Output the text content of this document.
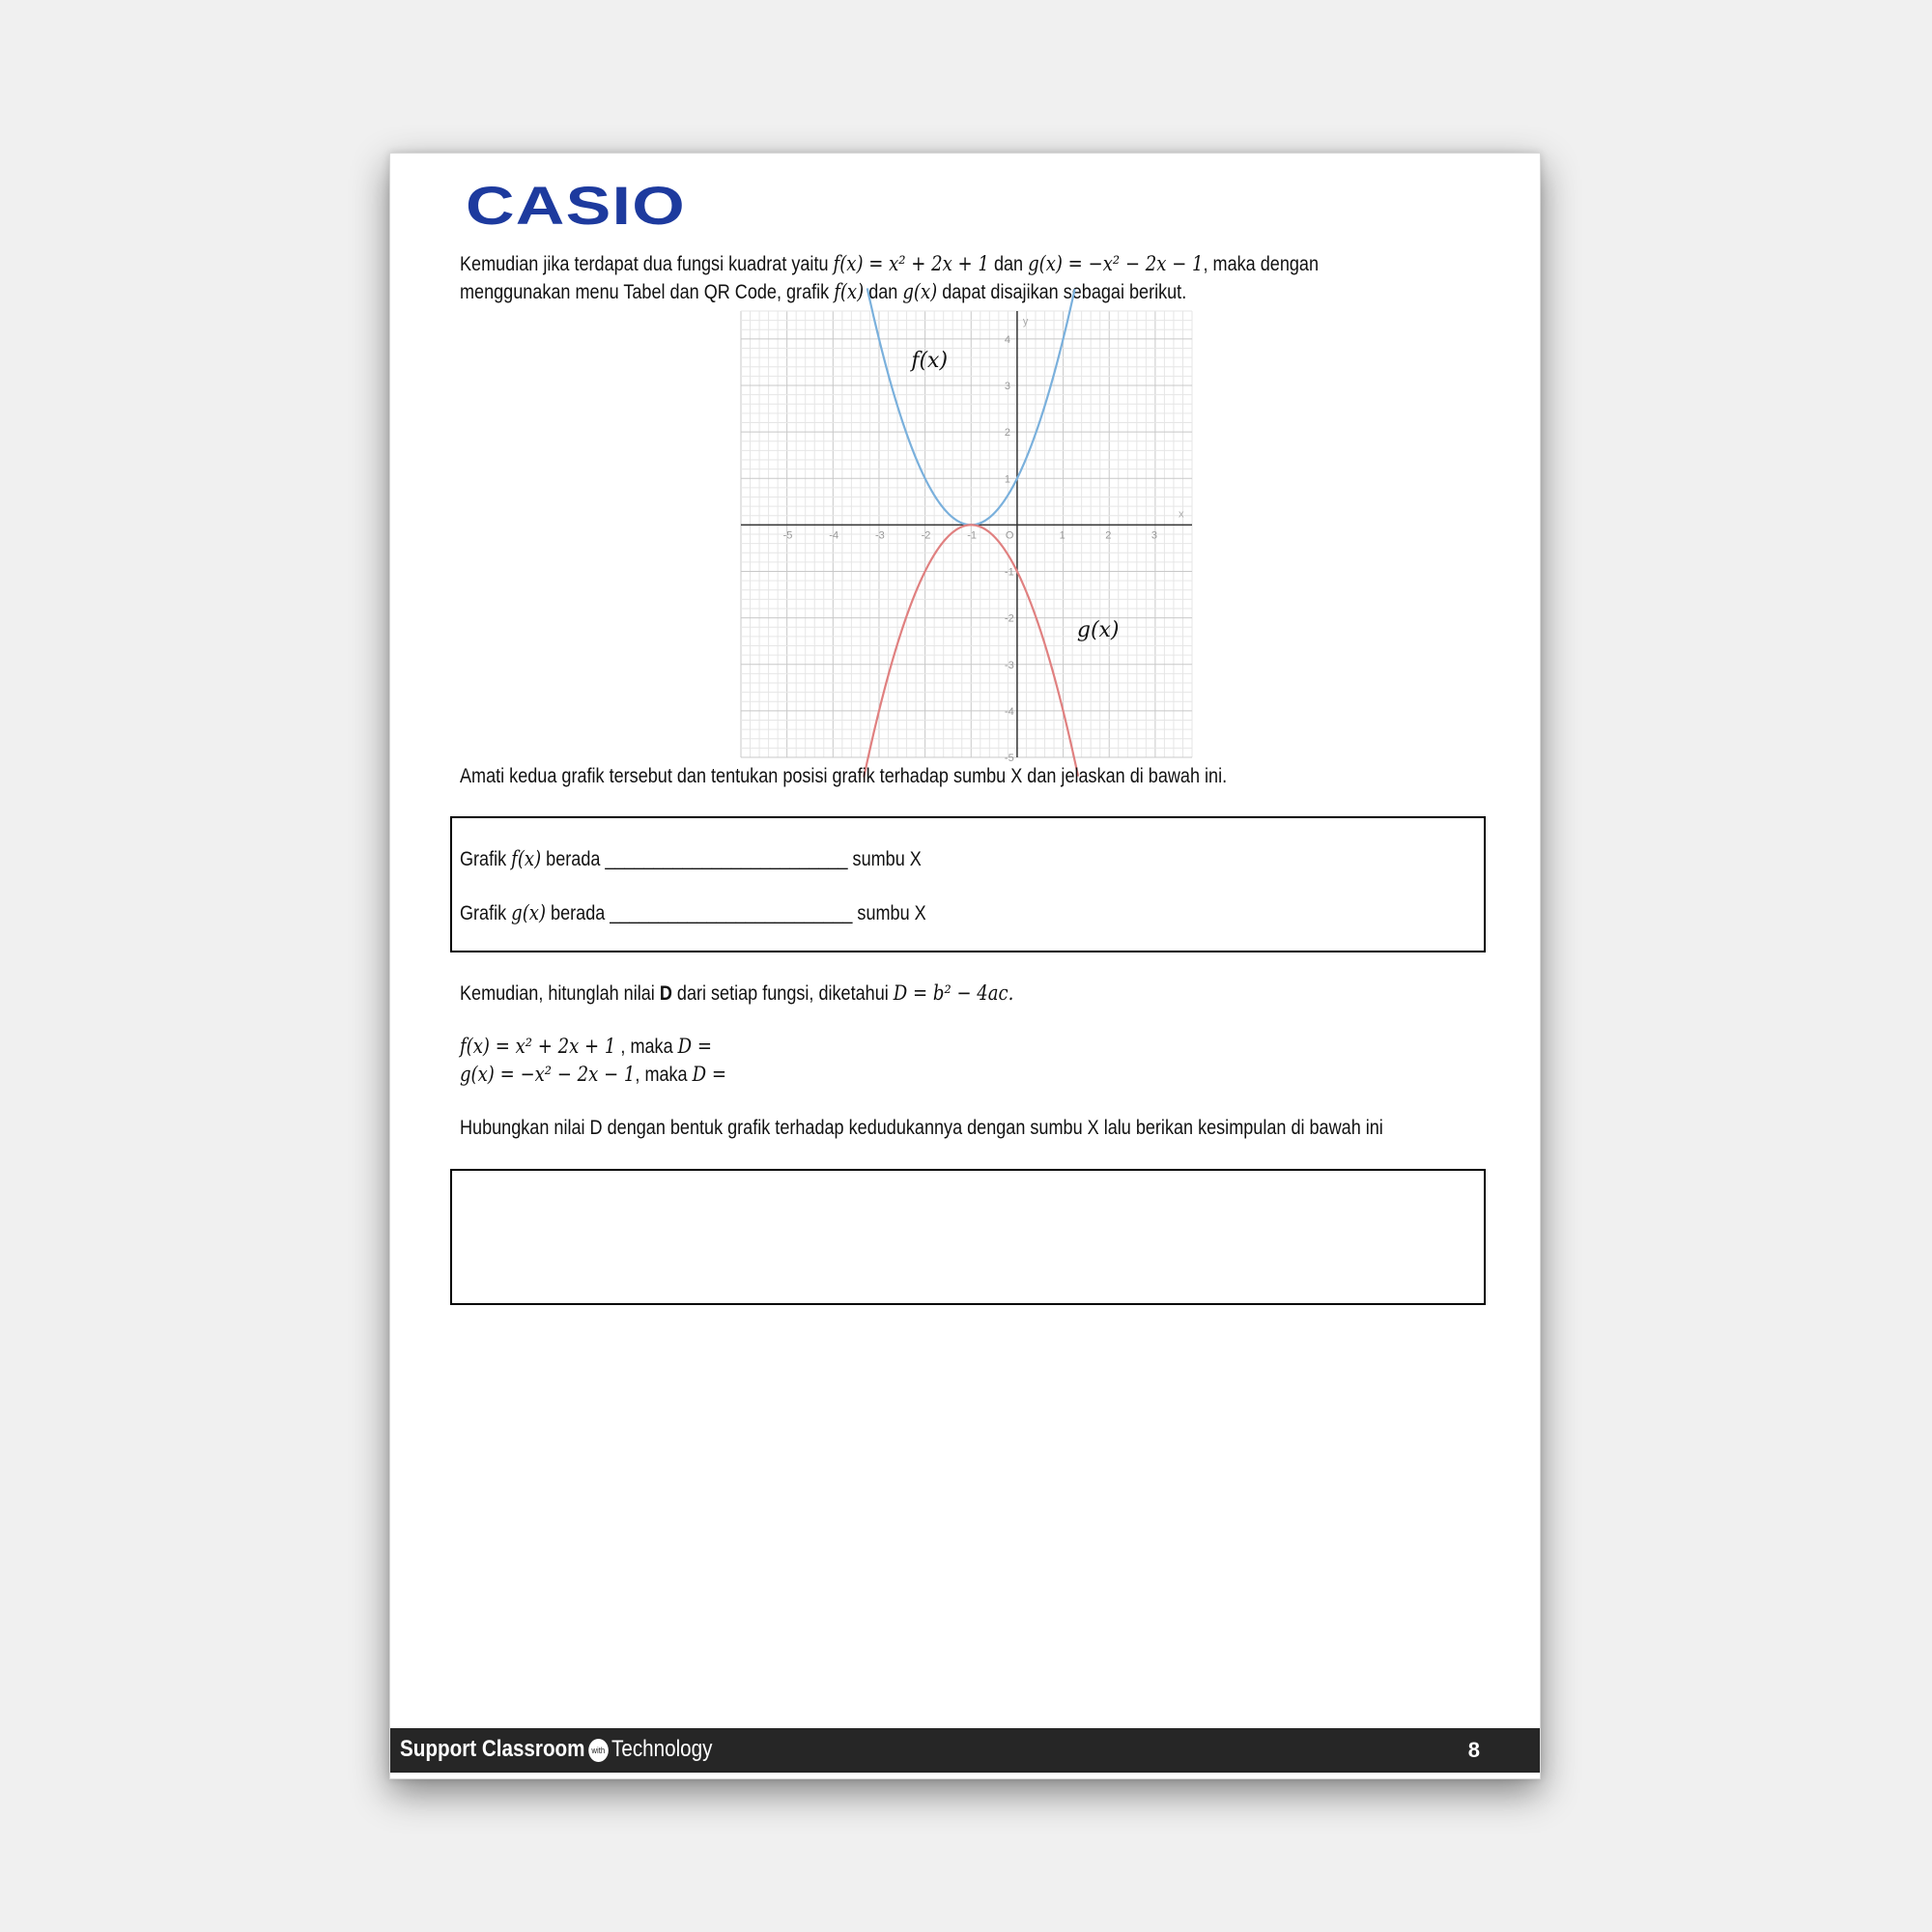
CASIO
Kemudian jika terdapat dua fungsi kuadrat yaitu f(x) = x² + 2x + 1 dan g(x) = −x² − 2x − 1, maka dengan
menggunakan menu Tabel dan QR Code, grafik f(x) dan g(x) dapat disajikan sebagai berikut.
-5	-4	-3	-2	-1	O	1	2	3
4
3
2
1
-1
-2
-3
-4
-5
x
y
f(x)
g(x)
Amati kedua grafik tersebut dan tentukan posisi grafik terhadap sumbu X dan jelaskan di bawah ini.
Grafik f(x) berada _________________________ sumbu X
Grafik g(x) berada _________________________ sumbu X
Kemudian, hitunglah nilai D dari setiap fungsi, diketahui D = b² − 4ac.
f(x) = x² + 2x + 1 , maka D =
g(x) = −x² − 2x − 1, maka D =
Hubungkan nilai D dengan bentuk grafik terhadap kedudukannya dengan sumbu X lalu berikan kesimpulan di bawah ini
Support Classroom with Technology	8
